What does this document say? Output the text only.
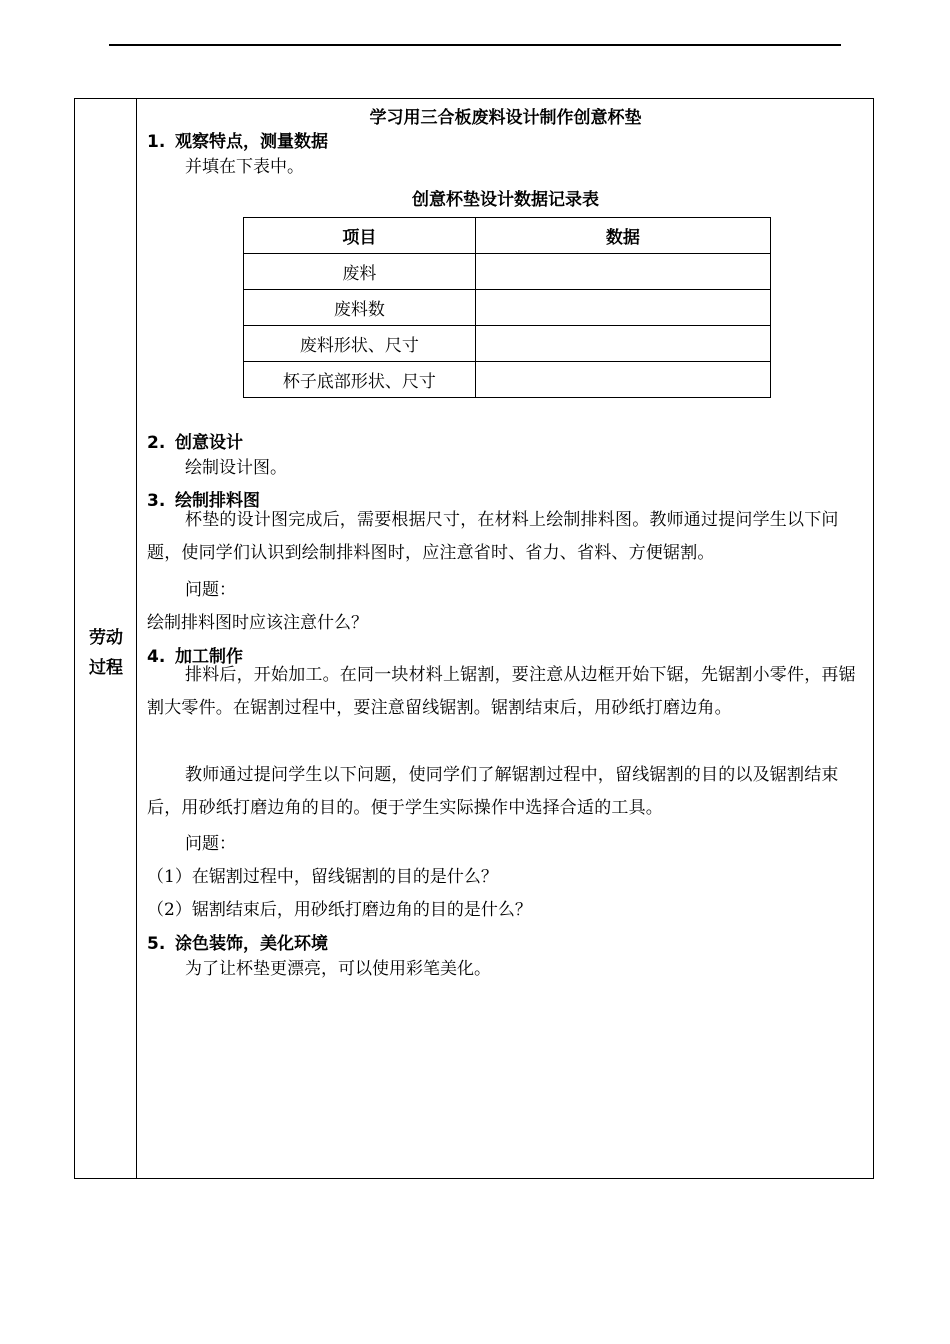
劳动
过程
学习用三合板废料设计制作创意杯垫
1. 观察特点，测量数据
并填在下表中。
创意杯垫设计数据记录表
项目	数据
废料	
废料数	
废料形状、尺寸	
杯子底部形状、尺寸	
2. 创意设计
绘制设计图。
3. 绘制排料图
杯垫的设计图完成后，需要根据尺寸，在材料上绘制排料图。教师通过提问学生以下问题，使同学们认识到绘制排料图时，应注意省时、省力、省料、方便锯割。
问题：
绘制排料图时应该注意什么？
4. 加工制作
排料后，开始加工。在同一块材料上锯割，要注意从边框开始下锯，先锯割小零件，再锯割大零件。在锯割过程中，要注意留线锯割。锯割结束后，用砂纸打磨边角。
教师通过提问学生以下问题，使同学们了解锯割过程中，留线锯割的目的以及锯割结束后，用砂纸打磨边角的目的。便于学生实际操作中选择合适的工具。
问题：
（1）在锯割过程中，留线锯割的目的是什么？
（2）锯割结束后，用砂纸打磨边角的目的是什么？
5. 涂色装饰，美化环境
为了让杯垫更漂亮，可以使用彩笔美化。
